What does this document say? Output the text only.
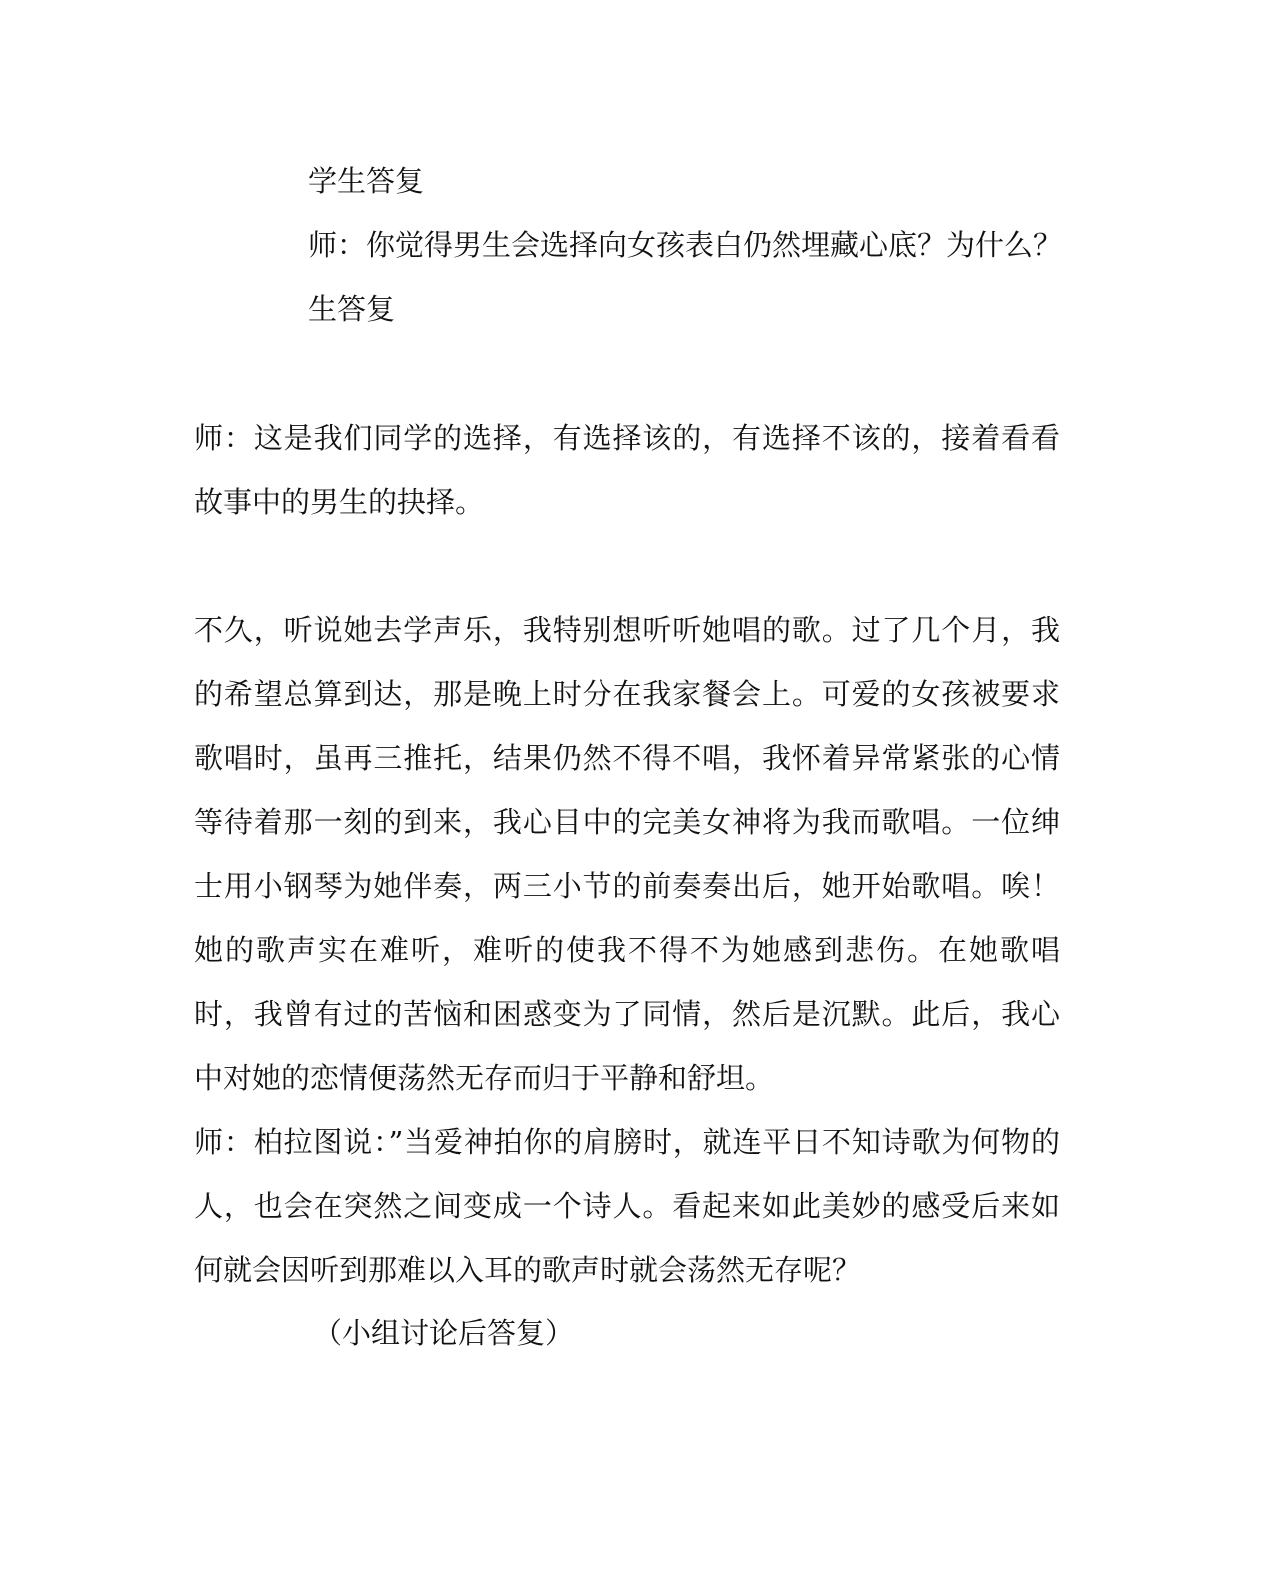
学生答复

师：你觉得男生会选择向女孩表白仍然埋藏心底？为什么？

生答复

师：这是我们同学的选择，有选择该的，有选择不该的，接着看看故事中的男生的抉择。

不久，听说她去学声乐，我特别想听听她唱的歌。过了几个月，我的希望总算到达，那是晚上时分在我家餐会上。可爱的女孩被要求歌唱时，虽再三推托，结果仍然不得不唱，我怀着异常紧张的心情等待着那一刻的到来，我心目中的完美女神将为我而歌唱。一位绅士用小钢琴为她伴奏，两三小节的前奏奏出后，她开始歌唱。唉！她的歌声实在难听，难听的使我不得不为她感到悲伤。在她歌唱时，我曾有过的苦恼和困惑变为了同情，然后是沉默。此后，我心中对她的恋情便荡然无存而归于平静和舒坦。

师：柏拉图说：”当爱神拍你的肩膀时，就连平日不知诗歌为何物的人，也会在突然之间变成一个诗人。看起来如此美妙的感受后来如何就会因听到那难以入耳的歌声时就会荡然无存呢？

（小组讨论后答复）
